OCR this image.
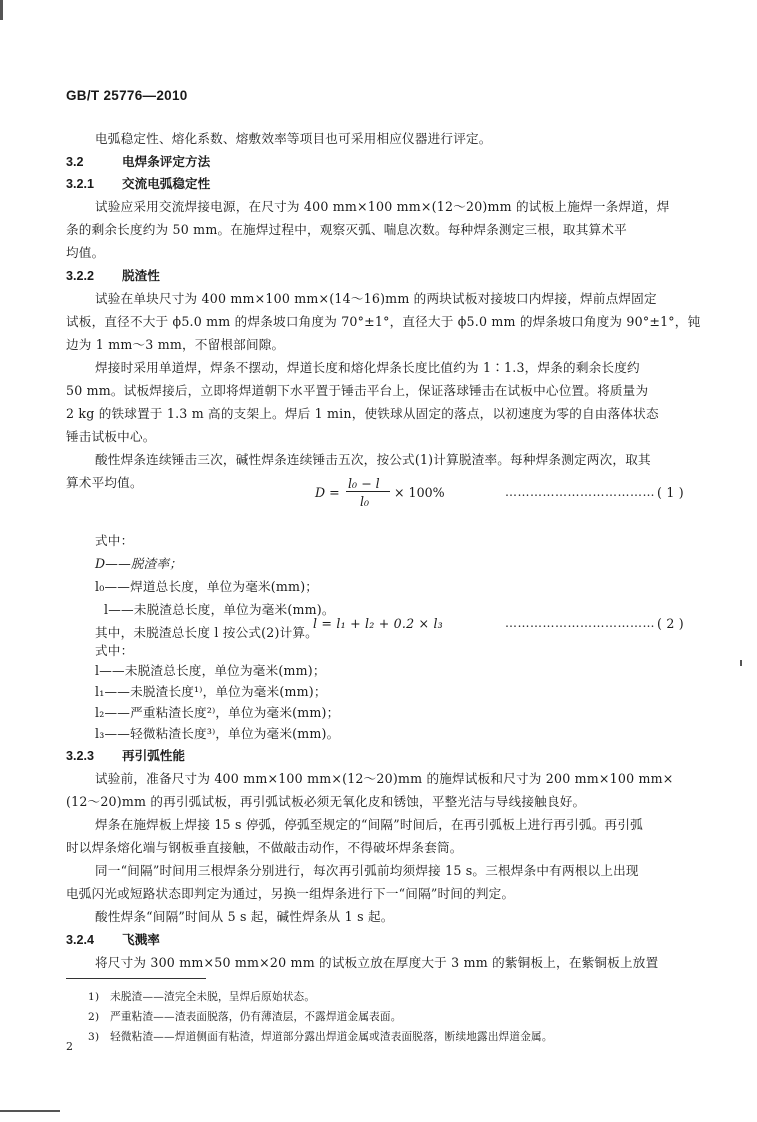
GB/T 25776—2010
电弧稳定性、熔化系数、熔敷效率等项目也可采用相应仪器进行评定。
3.2	电焊条评定方法
3.2.1 交流电弧稳定性
试验应采用交流焊接电源，在尺寸为 400 mm×100 mm×(12～20)mm 的试板上施焊一条焊道，焊
条的剩余长度约为 50 mm。在施焊过程中，观察灭弧、喘息次数。每种焊条测定三根，取其算术平
均值。
3.2.2 脱渣性
试验在单块尺寸为 400 mm×100 mm×(14～16)mm 的两块试板对接坡口内焊接，焊前点焊固定
试板，直径不大于 ϕ5.0 mm 的焊条坡口角度为 70°±1°，直径大于 ϕ5.0 mm 的焊条坡口角度为 90°±1°，钝
边为 1 mm～3 mm，不留根部间隙。
焊接时采用单道焊，焊条不摆动，焊道长度和熔化焊条长度比值约为 1∶1.3，焊条的剩余长度约
50 mm。试板焊接后，立即将焊道朝下水平置于锤击平台上，保证落球锤击在试板中心位置。将质量为
2 kg 的铁球置于 1.3 m 高的支架上。焊后 1 min，使铁球从固定的落点，以初速度为零的自由落体状态
锤击试板中心。
酸性焊条连续锤击三次，碱性焊条连续锤击五次，按公式(1)计算脱渣率。每种焊条测定两次，取其
算术平均值。
D =
l₀ − l
l₀
× 100%	……………………………… ( 1 )
式中：
D——脱渣率；
l₀——焊道总长度，单位为毫米(mm)；
l——未脱渣总长度，单位为毫米(mm)。
其中，未脱渣总长度 l 按公式(2)计算。
l = l₁ + l₂ + 0.2 × l₃	……………………………… ( 2 )
式中：
l——未脱渣总长度，单位为毫米(mm)；
l₁——未脱渣长度¹⁾，单位为毫米(mm)；
l₂——严重粘渣长度²⁾，单位为毫米(mm)；
l₃——轻微粘渣长度³⁾，单位为毫米(mm)。
3.2.3 再引弧性能
试验前，准备尺寸为 400 mm×100 mm×(12～20)mm 的施焊试板和尺寸为 200 mm×100 mm×
(12～20)mm 的再引弧试板，再引弧试板必须无氧化皮和锈蚀，平整光洁与导线接触良好。
焊条在施焊板上焊接 15 s 停弧，停弧至规定的“间隔”时间后，在再引弧板上进行再引弧。再引弧
时以焊条熔化端与钢板垂直接触，不做敲击动作，不得破坏焊条套筒。
同一“间隔”时间用三根焊条分别进行，每次再引弧前均须焊接 15 s。三根焊条中有两根以上出现
电弧闪光或短路状态即判定为通过，另换一组焊条进行下一“间隔”时间的判定。
酸性焊条“间隔”时间从 5 s 起，碱性焊条从 1 s 起。
3.2.4 飞溅率
将尺寸为 300 mm×50 mm×20 mm 的试板立放在厚度大于 3 mm 的紫铜板上，在紫铜板上放置
1)　未脱渣——渣完全未脱，呈焊后原始状态。
2)　严重粘渣——渣表面脱落，仍有薄渣层，不露焊道金属表面。
3)　轻微粘渣——焊道侧面有粘渣，焊道部分露出焊道金属或渣表面脱落，断续地露出焊道金属。
2
